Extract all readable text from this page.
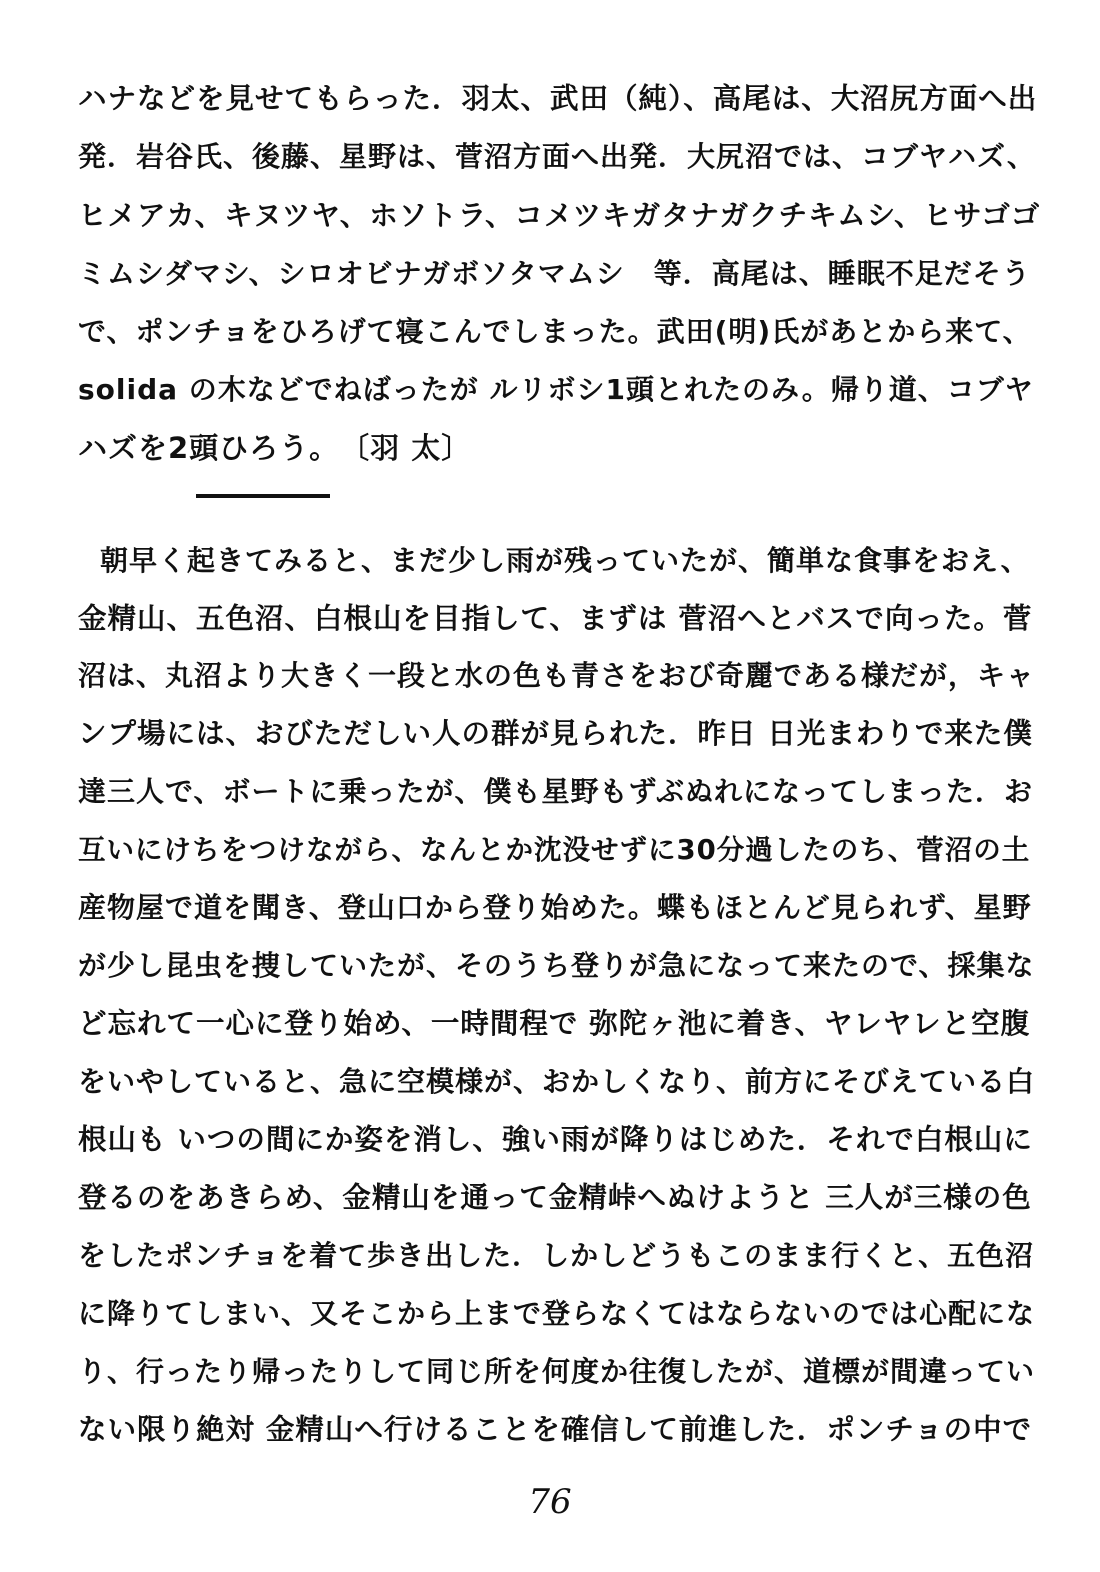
ハナなどを見せてもらった．羽太、武田（純）、高尾は、大沼尻方面へ出
発．岩谷氏、後藤、星野は、菅沼方面へ出発．大尻沼では、コブヤハズ、
ヒメアカ、キヌツヤ、ホソトラ、コメツキガタナガクチキムシ、ヒサゴゴ
ミムシダマシ、シロオビナガボソタマムシ　等．高尾は、睡眠不足だそう
で、ポンチョをひろげて寝こんでしまった。武田(明)氏があとから来て、
solida の木などでねばったが ルリボシ1頭とれたのみ。帰り道、コブヤ
ハズを2頭ひろう。　〔羽 太〕
朝早く起きてみると、まだ少し雨が残っていたが、簡単な食事をおえ、
金精山、五色沼、白根山を目指して、まずは 菅沼へとバスで向った。菅
沼は、丸沼より大きく一段と水の色も青さをおび奇麗である様だが，キャ
ンプ場には、おびただしい人の群が見られた．昨日 日光まわりで来た僕
達三人で、ボートに乗ったが、僕も星野もずぶぬれになってしまった．お
互いにけちをつけながら、なんとか沈没せずに30分過したのち、菅沼の土
産物屋で道を聞き、登山口から登り始めた。蝶もほとんど見られず、星野
が少し昆虫を捜していたが、そのうち登りが急になって来たので、採集な
ど忘れて一心に登り始め、一時間程で 弥陀ヶ池に着き、ヤレヤレと空腹
をいやしていると、急に空模様が、おかしくなり、前方にそびえている白
根山も いつの間にか姿を消し、強い雨が降りはじめた．それで白根山に
登るのをあきらめ、金精山を通って金精峠へぬけようと 三人が三様の色
をしたポンチョを着て歩き出した．しかしどうもこのまま行くと、五色沼
に降りてしまい、又そこから上まで登らなくてはならないのでは心配にな
り、行ったり帰ったりして同じ所を何度か往復したが、道標が間違ってい
ない限り絶対 金精山へ行けることを確信して前進した．ポンチョの中で
76
